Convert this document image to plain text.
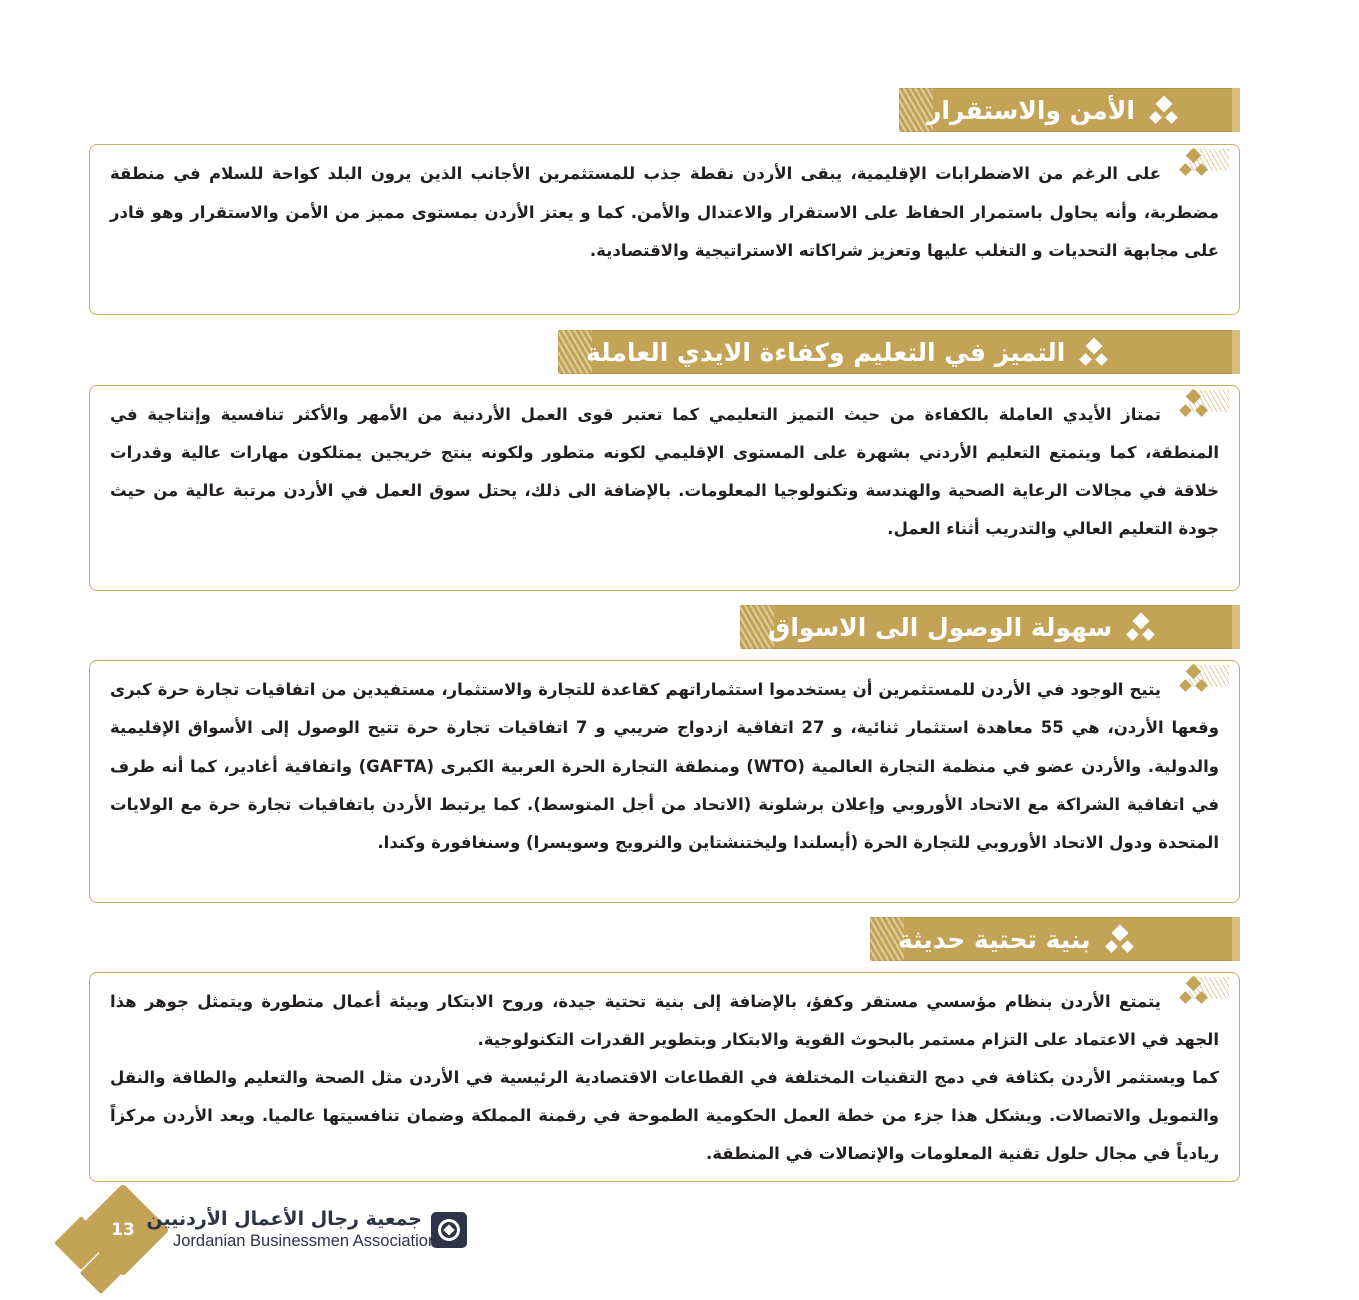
الأمن والاستقرار

على الرغم من الاضطرابات الإقليمية، يبقى الأردن نقطة جذب للمستثمرين الأجانب الذين يرون البلد كواحة للسلام في منطقة مضطربة، وأنه يحاول باستمرار الحفاظ على الاستقرار والاعتدال والأمن. كما و يعتز الأردن بمستوى مميز من الأمن والاستقرار وهو قادر على مجابهة التحديات و التغلب عليها وتعزيز شراكاته الاستراتيجية والاقتصادية.

التميز في التعليم وكفاءة الايدي العاملة

تمتاز الأيدي العاملة بالكفاءة من حيث التميز التعليمي كما تعتبر قوى العمل الأردنية من الأمهر والأكثر تنافسية وإنتاجية في المنطقة، كما ويتمتع التعليم الأردني بشهرة على المستوى الإقليمي لكونه متطور ولكونه ينتج خريجين يمتلكون مهارات عالية وقدرات خلاقة في مجالات الرعاية الصحية والهندسة وتكنولوجيا المعلومات. بالإضافة الى ذلك، يحتل سوق العمل في الأردن مرتبة عالية من حيث جودة التعليم العالي والتدريب أثناء العمل.

سهولة الوصول الى الاسواق

يتيح الوجود في الأردن للمستثمرين أن يستخدموا استثماراتهم كقاعدة للتجارة والاستثمار، مستفيدين من اتفاقيات تجارة حرة كبرى وقعها الأردن، هي 55 معاهدة استثمار ثنائية، و 27 اتفاقية ازدواج ضريبي و 7 اتفاقيات تجارة حرة تتيح الوصول إلى الأسواق الإقليمية والدولية. والأردن عضو في منظمة التجارة العالمية (WTO) ومنطقة التجارة الحرة العربية الكبرى (GAFTA) واتفاقية أغادير، كما أنه طرف في اتفاقية الشراكة مع الاتحاد الأوروبي وإعلان برشلونة (الاتحاد من أجل المتوسط). كما يرتبط الأردن باتفاقيات تجارة حرة مع الولايات المتحدة ودول الاتحاد الأوروبي للتجارة الحرة (أيسلندا وليختنشتاين والنرويج وسويسرا) وسنغافورة وكندا.

بنية تحتية حديثة

يتمتع الأردن بنظام مؤسسي مستقر وكفؤ، بالإضافة إلى بنية تحتية جيدة، وروح الابتكار وبيئة أعمال متطورة ويتمثل جوهر هذا الجهد في الاعتماد على التزام مستمر بالبحوث القوية والابتكار وبتطوير القدرات التكنولوجية.

كما ويستثمر الأردن بكثافة في دمج التقنيات المختلفة في القطاعات الاقتصادية الرئيسية في الأردن مثل الصحة والتعليم والطاقة والنقل والتمويل والاتصالات. ويشكل هذا جزء من خطة العمل الحكومية الطموحة في رقمنة المملكة وضمان تنافسيتها عالميا. ويعد الأردن مركزاً ريادياً في مجال حلول تقنية المعلومات والإتصالات في المنطقة.

13 جمعية رجال الأعمال الأردنيين
Jordanian Businessmen Association
